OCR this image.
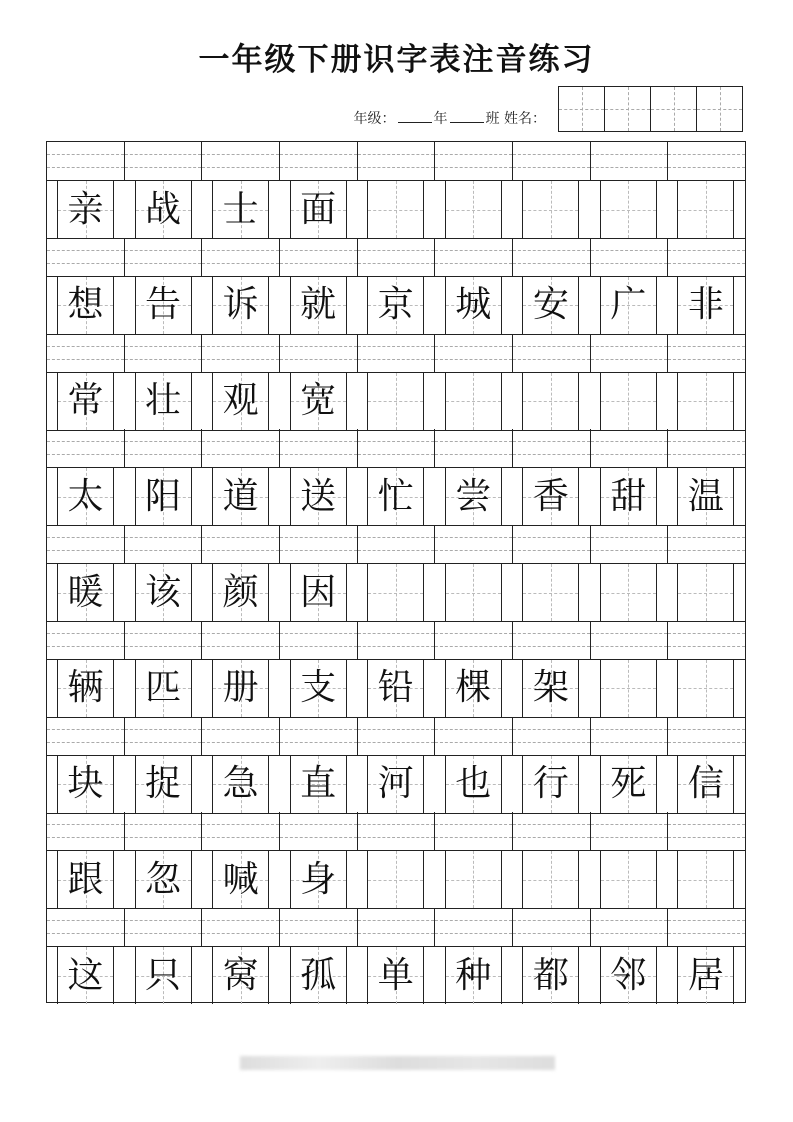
一年级下册识字表注音练习
年级：	年	班 姓名：
亲 战 士 面
想 告 诉 就 京 城 安 广 非
常 壮 观 宽
太 阳 道 送 忙 尝 香 甜 温
暖 该 颜 因
辆 匹 册 支 铅 棵 架
块 捉 急 直 河 也 行 死 信
跟 忽 喊 身
这 只 窝 孤 单 种 都 邻 居
